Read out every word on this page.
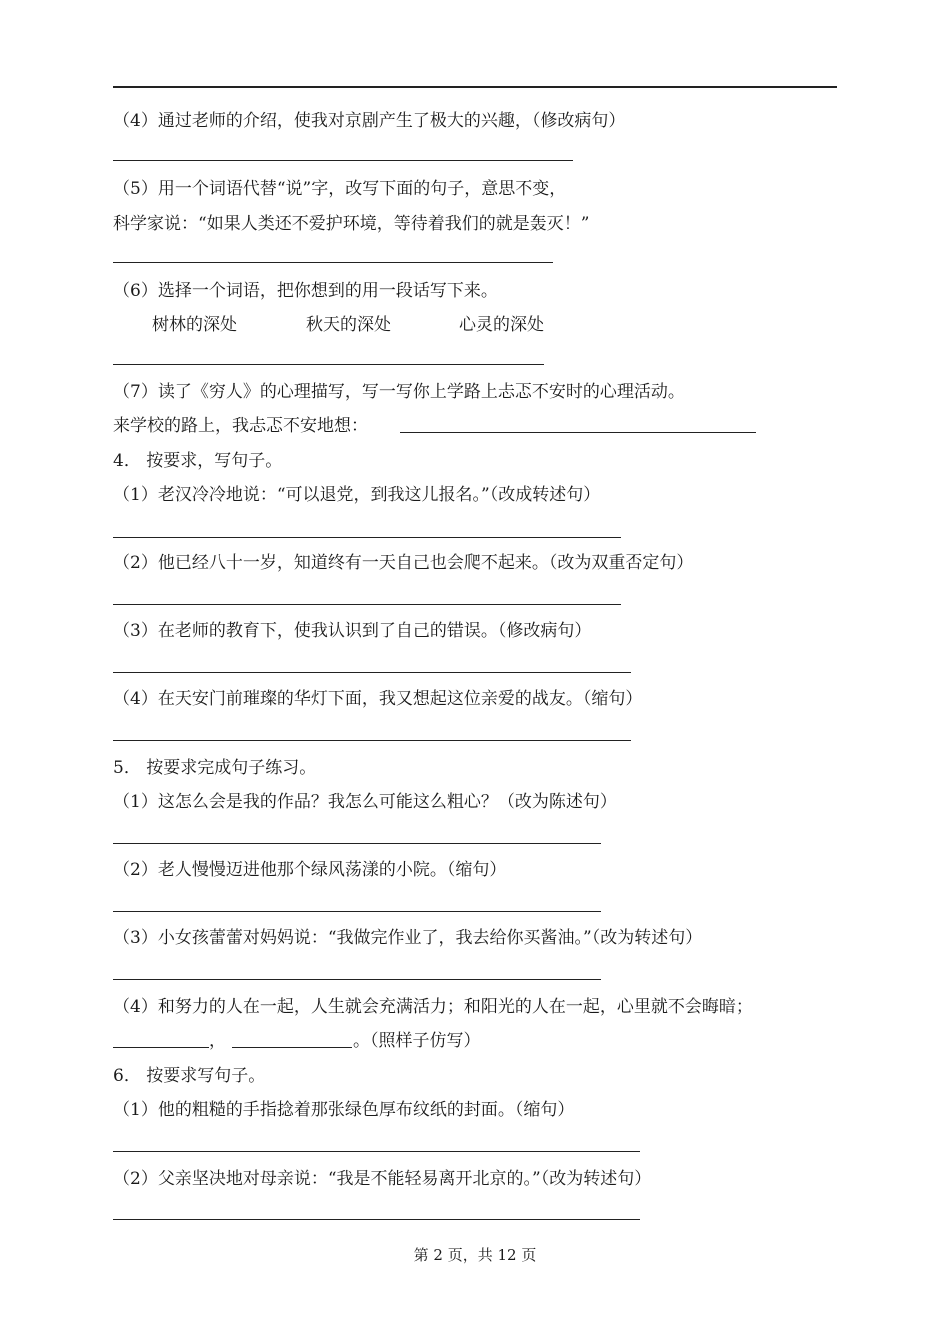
（4）通过老师的介绍，使我对京剧产生了极大的兴趣，（修改病句）
（5）用一个词语代替“说”字，改写下面的句子，意思不变，
科学家说：“如果人类还不爱护环境，等待着我们的就是轰灭！”
（6）选择一个词语，把你想到的用一段话写下来。
树林的深处	秋天的深处	心灵的深处
（7）读了《穷人》的心理描写，写一写你上学路上忐忑不安时的心理活动。
来学校的路上，我忐忑不安地想：
4． 按要求，写句子。
（1）老汉冷冷地说：“可以退党，到我这儿报名。”（改成转述句）
（2）他已经八十一岁，知道终有一天自己也会爬不起来。（改为双重否定句）
（3）在老师的教育下，使我认识到了自己的错误。（修改病句）
（4）在天安门前璀璨的华灯下面，我又想起这位亲爱的战友。（缩句）
5． 按要求完成句子练习。
（1）这怎么会是我的作品？我怎么可能这么粗心？（改为陈述句）
（2）老人慢慢迈进他那个绿风荡漾的小院。（缩句）
（3）小女孩蕾蕾对妈妈说：“我做完作业了，我去给你买酱油。”（改为转述句）
（4）和努力的人在一起，人生就会充满活力；和阳光的人在一起，心里就不会晦暗；
，	。（照样子仿写）
6． 按要求写句子。
（1）他的粗糙的手指捻着那张绿色厚布纹纸的封面。（缩句）
（2）父亲坚决地对母亲说：“我是不能轻易离开北京的。”（改为转述句）
第 2 页，共 12 页
